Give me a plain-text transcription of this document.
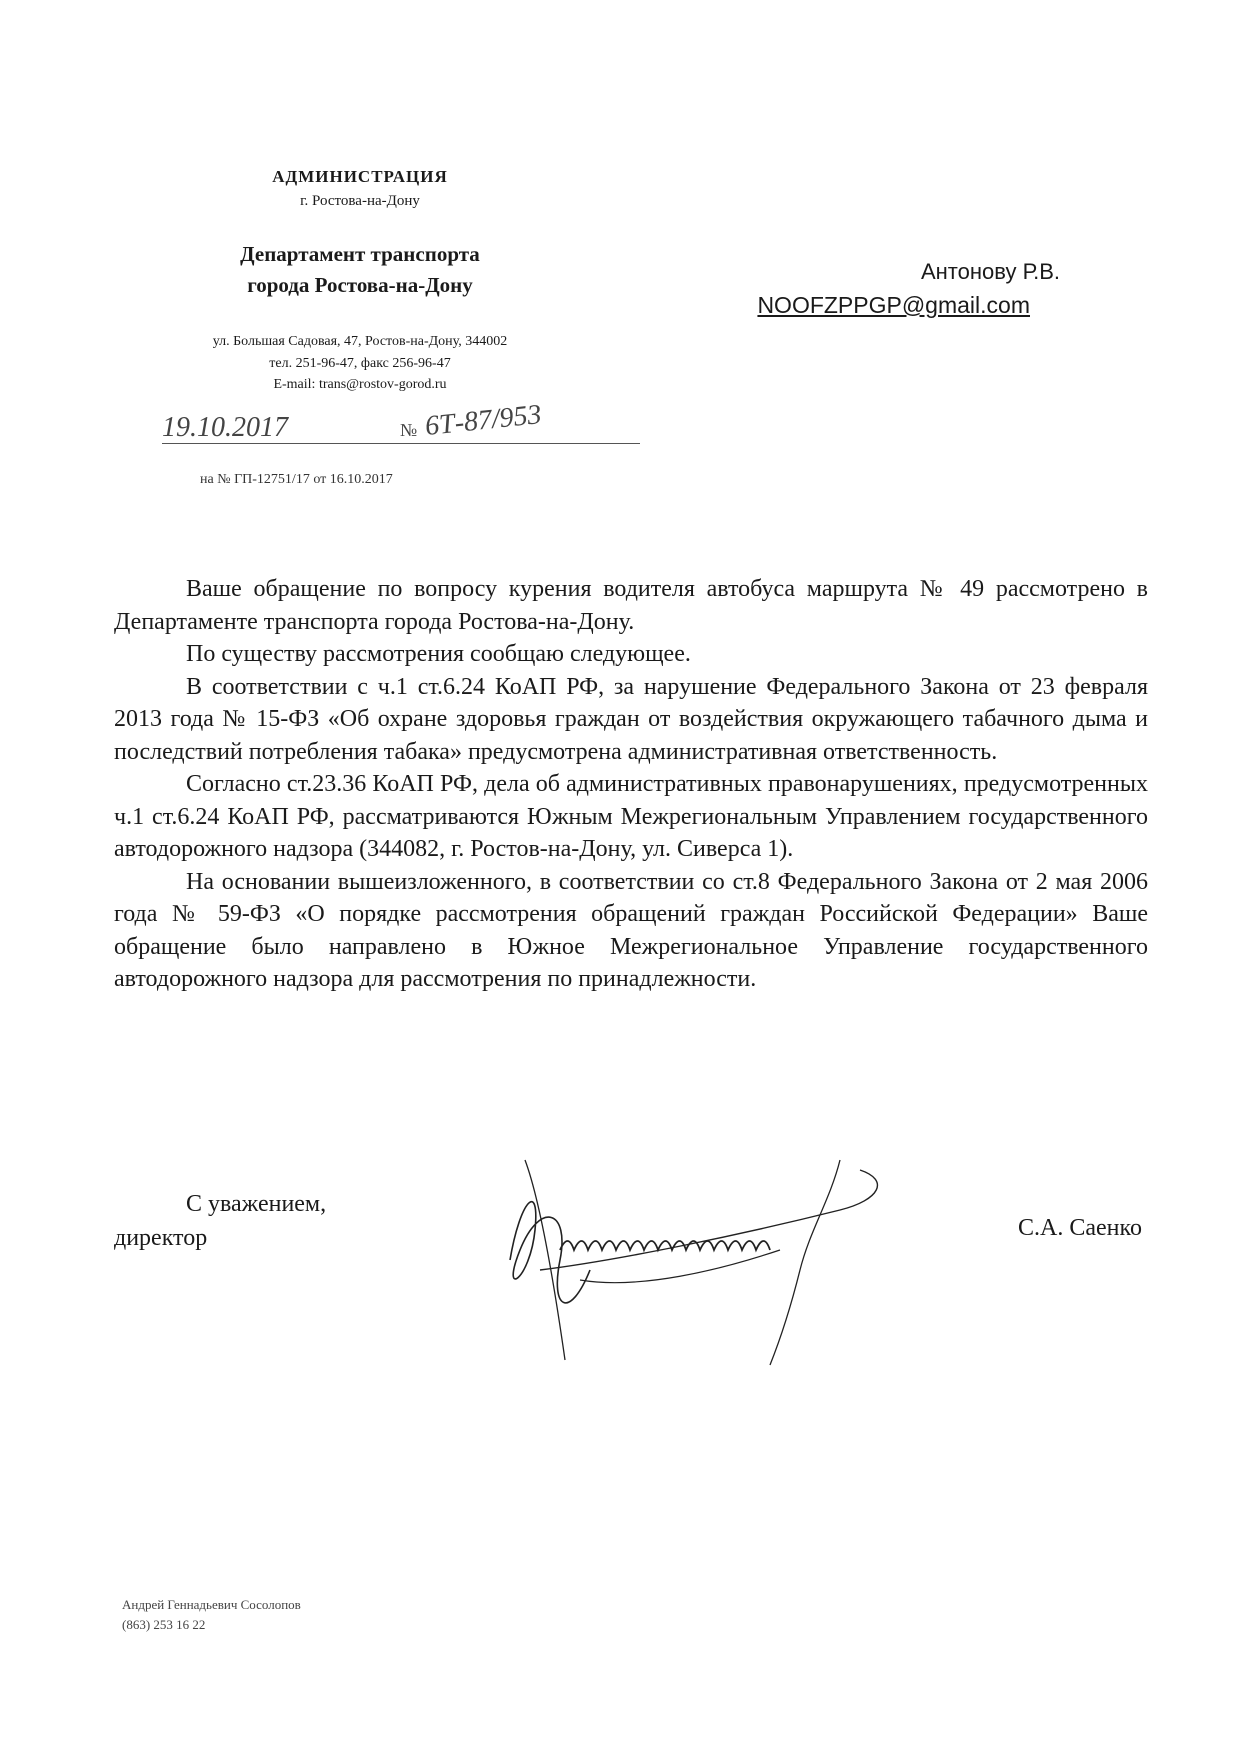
АДМИНИСТРАЦИЯ
г. Ростова-на-Дону
Департамент транспорта
города Ростова-на-Дону
ул. Большая Садовая, 47, Ростов-на-Дону, 344002
тел. 251-96-47, факс 256-96-47
E-mail: trans@rostov-gorod.ru
19.10.2017	№ 6Т-87/953
на № ГП-12751/17 от 16.10.2017
Антонову Р.В.
NOOFZPPGP@gmail.com

Ваше обращение по вопросу курения водителя автобуса маршрута № 49 рассмотрено в Департаменте транспорта города Ростова-на-Дону.

По существу рассмотрения сообщаю следующее.

В соответствии с ч.1 ст.6.24 КоАП РФ, за нарушение Федерального Закона от 23 февраля 2013 года № 15-ФЗ «Об охране здоровья граждан от воздействия окружающего табачного дыма и последствий потребления табака» предусмотрена административная ответственность.

Согласно ст.23.36 КоАП РФ, дела об административных правонарушениях, предусмотренных ч.1 ст.6.24 КоАП РФ, рассматриваются Южным Межрегиональным Управлением государственного автодорожного надзора (344082, г. Ростов-на-Дону, ул. Сиверса 1).

На основании вышеизложенного, в соответствии со ст.8 Федерального Закона от 2 мая 2006 года № 59-ФЗ «О порядке рассмотрения обращений граждан Российской Федерации» Ваше обращение было направлено в Южное Межрегиональное Управление государственного автодорожного надзора для рассмотрения по принадлежности.

С уважением,
директор	С.А. Саенко
Андрей Геннадьевич Сосолопов
(863) 253 16 22
